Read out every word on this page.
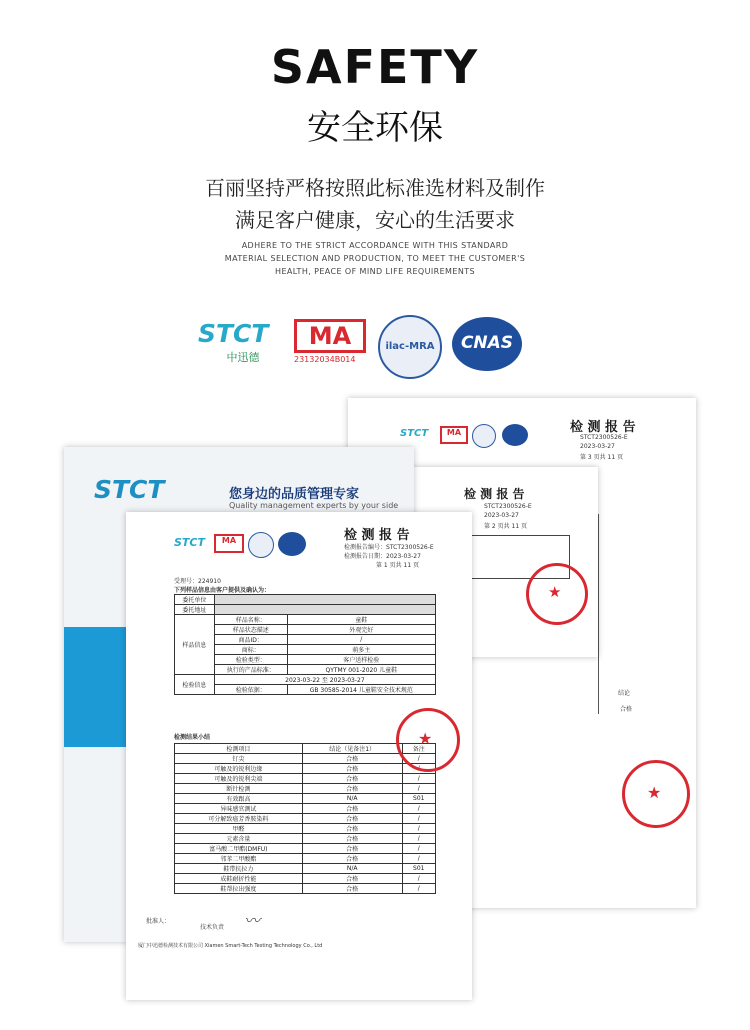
SAFETY
安全环保
百丽坚持严格按照此标准选材料及制作
满足客户健康，安心的生活要求
ADHERE TO THE STRICT ACCORDANCE WITH THIS STANDARD
MATERIAL SELECTION AND PRODUCTION, TO MEET THE CUSTOMER'S
HEALTH, PEACE OF MIND LIFE REQUIREMENTS
STCT
中迅德
MA
23132034B014
ilac-MRA	CNAS
STCT	MA	检 测 报 告
STCT2300526-E
2023-03-27
第 3 页共 11 页
结论
合格
★
检 测 报 告
STCT2300526-E
2023-03-27
第 2 页共 11 页
★
STCT	您身边的品质管理专家
Quality management experts by your side
STCT	MA	检 测 报 告
检测报告编号：STCT2300526-E
检测报告日期：2023-03-27
第 1 页共 11 页
受理号：224910
下列样品信息由客户提供及确认为：
委托单位		
委托地址		
样品信息	样品名称：	童鞋
	样品状态描述	外观完好
	商品ID：	/
	商标：	萌多主
	检验类型：	客户送样检验
	执行的产品标准：	QYTMY 001-2020 儿童鞋
检验信息	2023-03-22 至 2023-03-27	
	检验依据：	GB 30585-2014 儿童鞋安全技术规范
检测结果小结
检测项目	结论（见备注1）	备注
钉尖	合格	/
可触及的锐利边缘	合格	/
可触及的锐利尖端	合格	/
断针检测	合格	/
有效跟高	N/A	S01
异味感官测试	合格	/
可分解致癌芳香胺染料	合格	/
甲醛	合格	/
元素含量	合格	/
富马酸二甲酯(DMFU)	合格	/
邻苯二甲酸酯	合格	/
鞋带抗拉力	N/A	S01
成鞋耐折性能	合格	/
鞋帮拉出强度	合格	/
批准人：
技术负责 〰
厦门中迅德检测技术有限公司 Xiamen Smart-Tech Testing Technology Co., Ltd
★
